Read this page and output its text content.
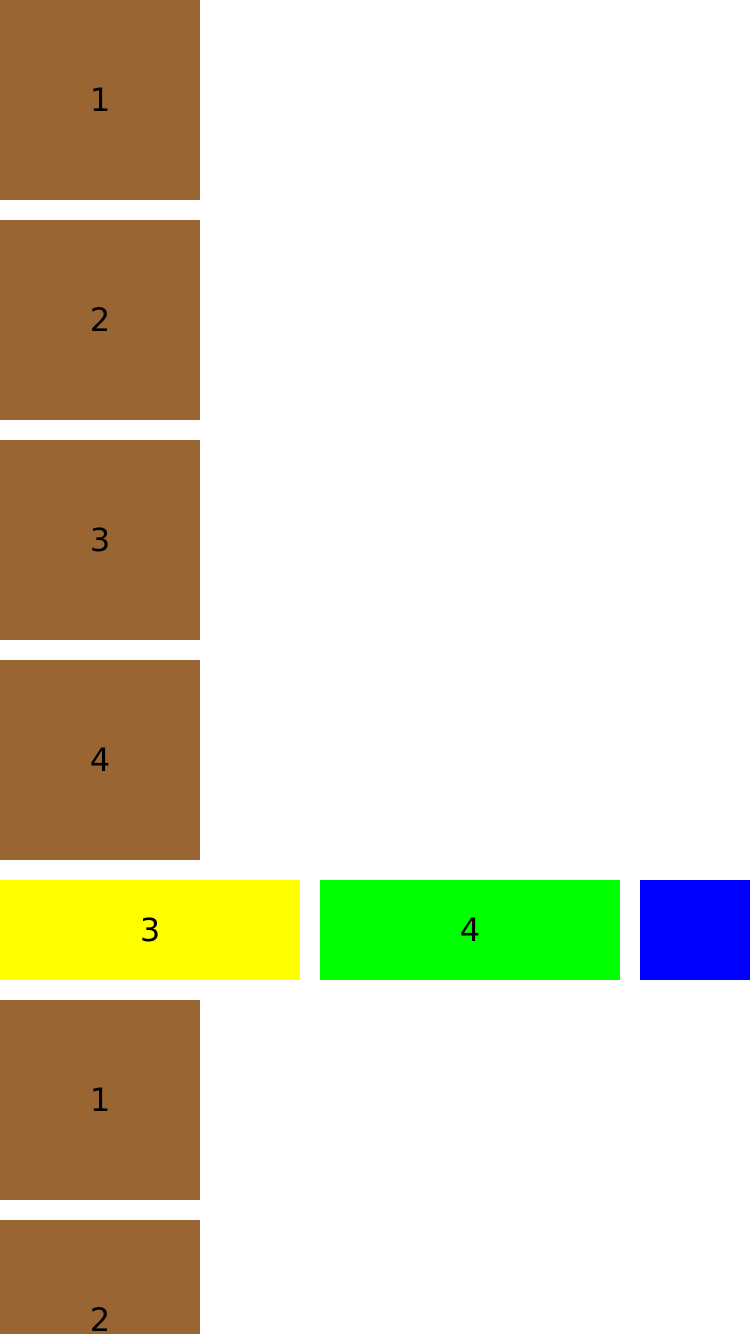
1
2
3
4
3	4
1
2
